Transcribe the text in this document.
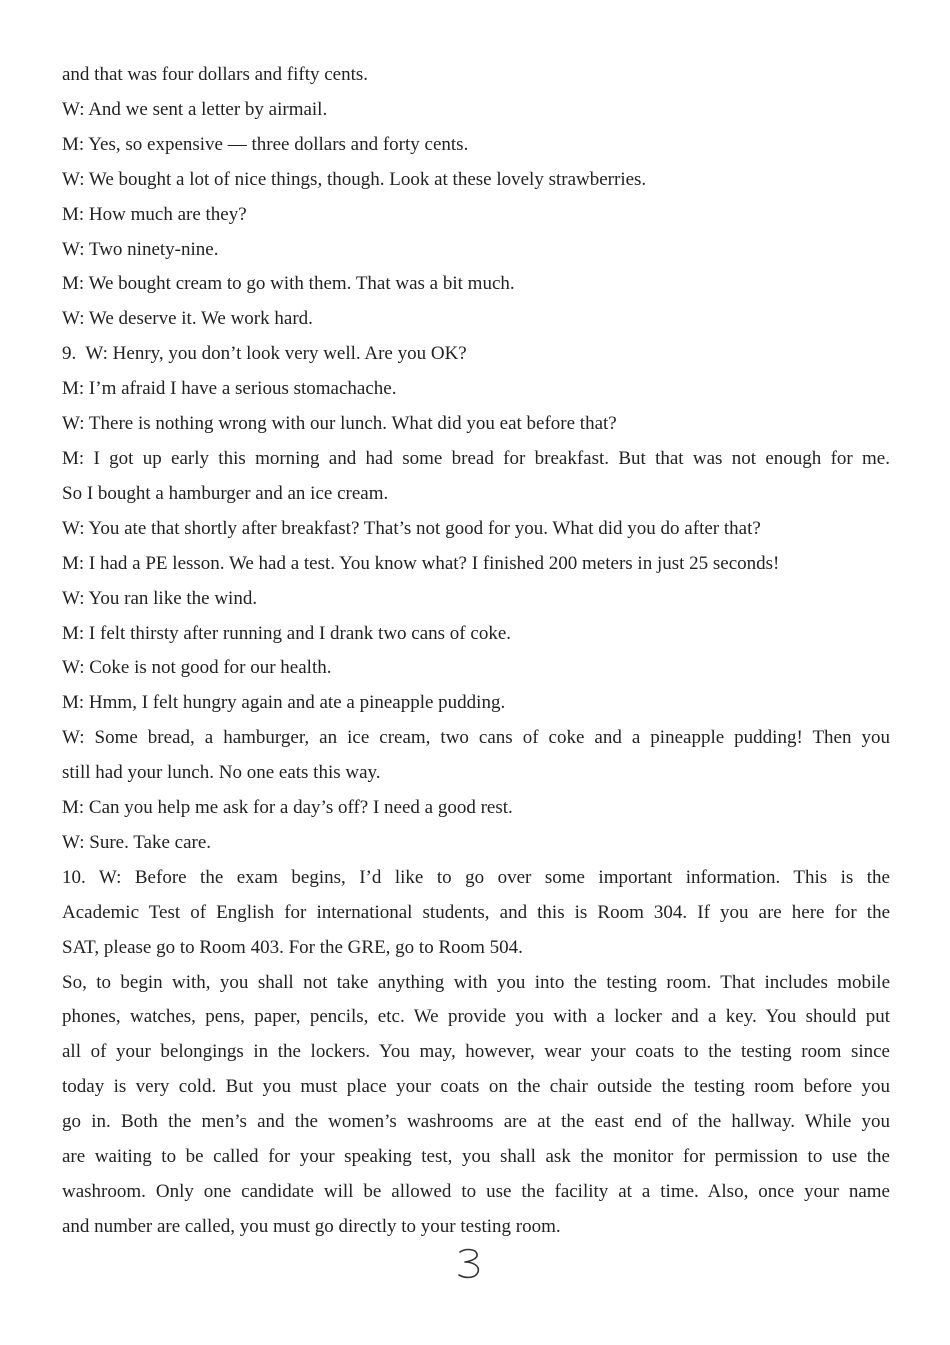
and that was four dollars and fifty cents.
W: And we sent a letter by airmail.
M: Yes, so expensive — three dollars and forty cents.
W: We bought a lot of nice things, though. Look at these lovely strawberries.
M: How much are they?
W: Two ninety-nine.
M: We bought cream to go with them. That was a bit much.
W: We deserve it. We work hard.
9.  W: Henry, you don’t look very well. Are you OK?
M: I’m afraid I have a serious stomachache.
W: There is nothing wrong with our lunch. What did you eat before that?
M: I got up early this morning and had some bread for breakfast. But that was not enough for me.
So I bought a hamburger and an ice cream.
W: You ate that shortly after breakfast? That’s not good for you. What did you do after that?
M: I had a PE lesson. We had a test. You know what? I finished 200 meters in just 25 seconds!
W: You ran like the wind.
M: I felt thirsty after running and I drank two cans of coke.
W: Coke is not good for our health.
M: Hmm, I felt hungry again and ate a pineapple pudding.
W: Some bread, a hamburger, an ice cream, two cans of coke and a pineapple pudding! Then you
still had your lunch. No one eats this way.
M: Can you help me ask for a day’s off? I need a good rest.
W: Sure. Take care.
10. W: Before the exam begins, I’d like to go over some important information. This is the
Academic Test of English for international students, and this is Room 304. If you are here for the
SAT, please go to Room 403. For the GRE, go to Room 504.
So, to begin with, you shall not take anything with you into the testing room. That includes mobile
phones, watches, pens, paper, pencils, etc. We provide you with a locker and a key. You should put
all of your belongings in the lockers. You may, however, wear your coats to the testing room since
today is very cold. But you must place your coats on the chair outside the testing room before you
go in. Both the men’s and the women’s washrooms are at the east end of the hallway. While you
are waiting to be called for your speaking test, you shall ask the monitor for permission to use the
washroom. Only one candidate will be allowed to use the facility at a time. Also, once your name
and number are called, you must go directly to your testing room.
